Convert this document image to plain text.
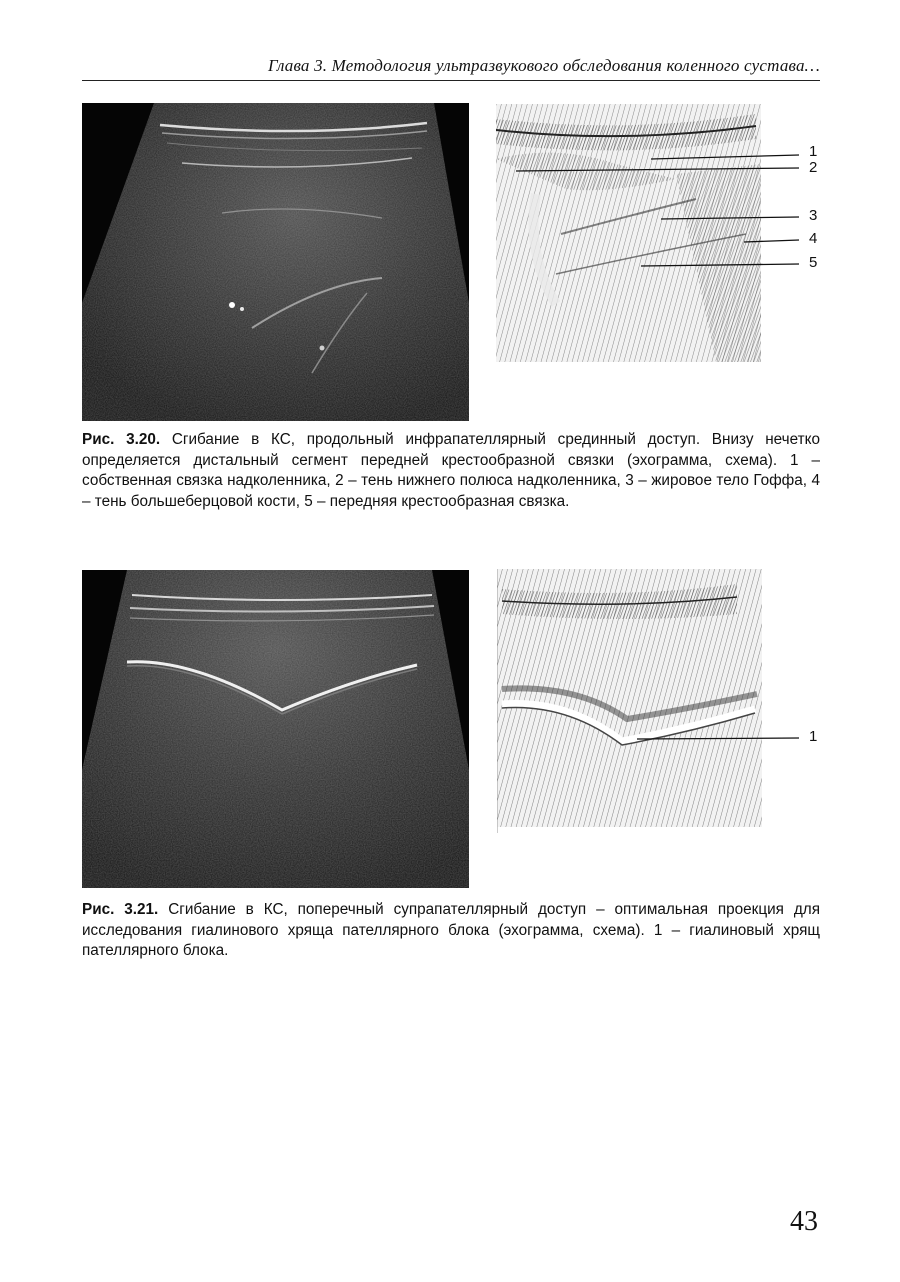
Глава 3. Методология ультразвукового обследования коленного сустава…
1
2
3
4
5
Рис. 3.20. Сгибание в КС, продольный инфрапателлярный срединный доступ. Внизу нечетко определяется дистальный сегмент передней крестообразной связки (эхограмма, схема). 1 – собственная связка надколенника, 2 – тень нижнего полюса надколенника, 3 – жировое тело Гоффа, 4 – тень большеберцовой кости, 5 – передняя крестообразная связка.
1
Рис. 3.21. Сгибание в КС, поперечный супрапателлярный доступ – оптимальная проекция для исследования гиалинового хряща пателлярного блока (эхограмма, схема). 1 – гиалиновый хрящ пателлярного блока.
43
